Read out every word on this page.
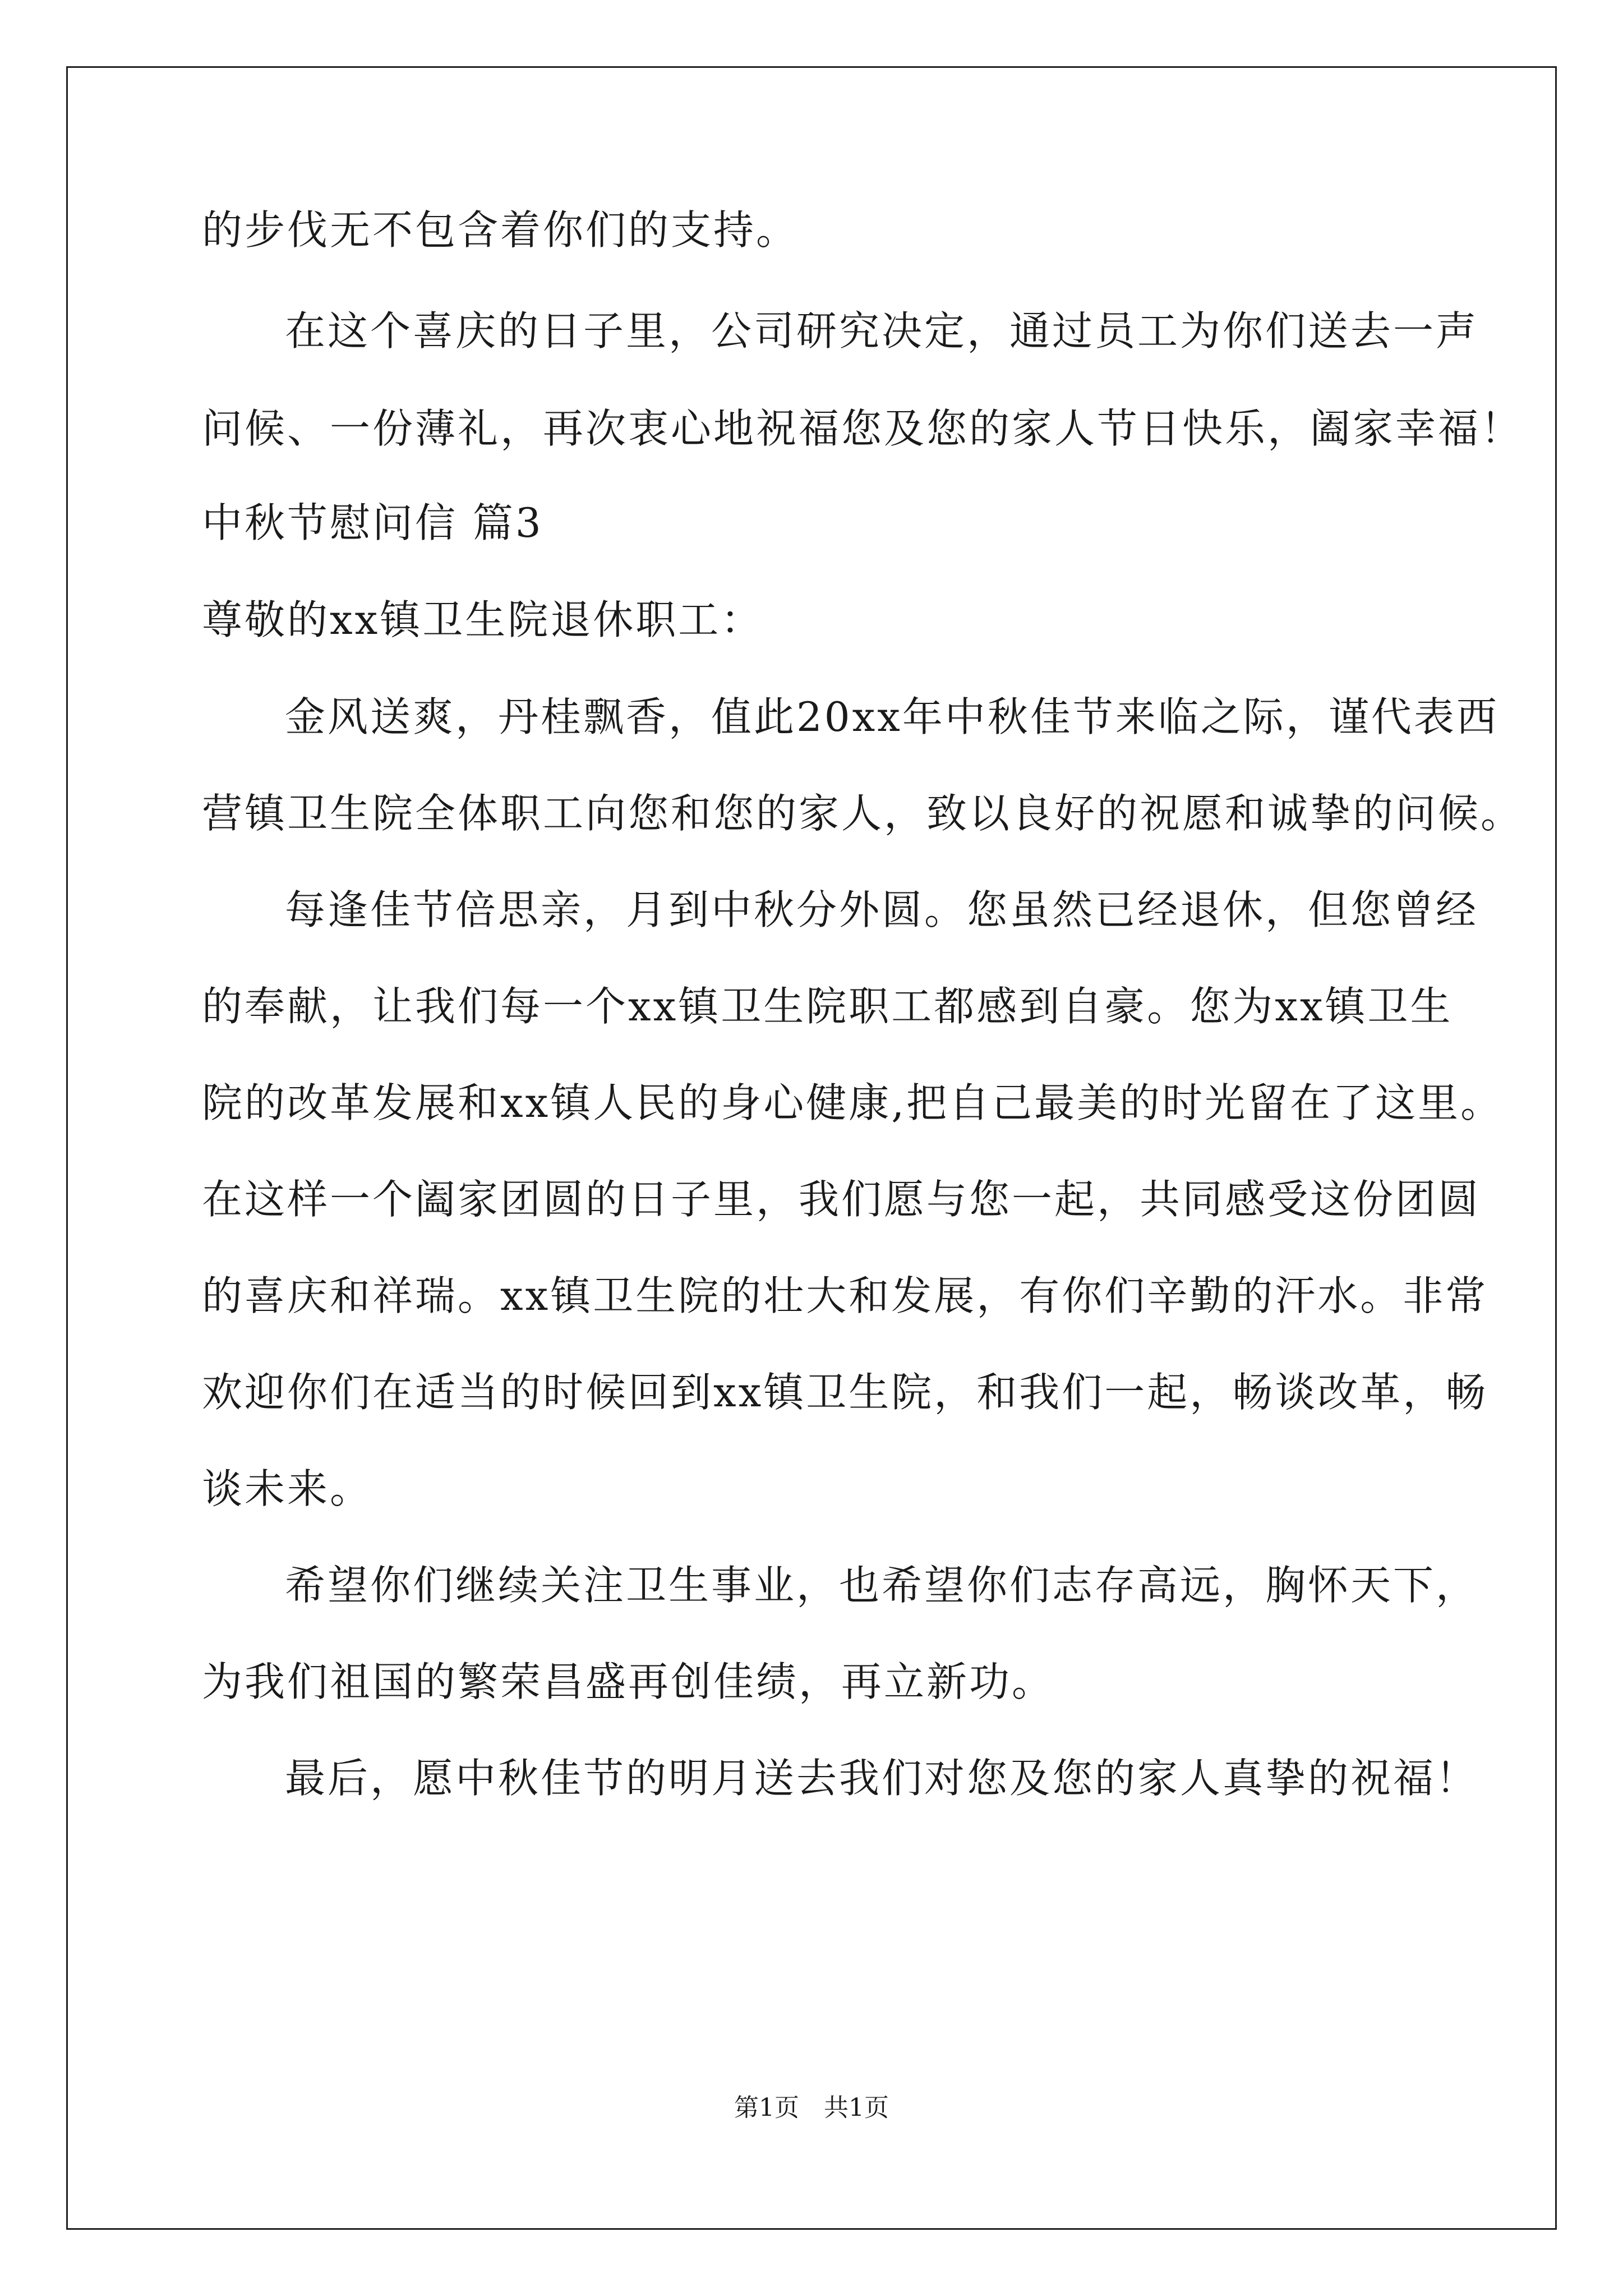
的步伐无不包含着你们的支持。
在这个喜庆的日子里，公司研究决定，通过员工为你们送去一声
问候、一份薄礼，再次衷心地祝福您及您的家人节日快乐，阖家幸福！
中秋节慰问信 篇3
尊敬的xx镇卫生院退休职工：
金风送爽，丹桂飘香，值此20xx年中秋佳节来临之际，谨代表西
营镇卫生院全体职工向您和您的家人，致以良好的祝愿和诚挚的问候。
每逢佳节倍思亲，月到中秋分外圆。您虽然已经退休，但您曾经
的奉献，让我们每一个xx镇卫生院职工都感到自豪。您为xx镇卫生
院的改革发展和xx镇人民的身心健康,把自己最美的时光留在了这里。
在这样一个阖家团圆的日子里，我们愿与您一起，共同感受这份团圆
的喜庆和祥瑞。xx镇卫生院的壮大和发展，有你们辛勤的汗水。非常
欢迎你们在适当的时候回到xx镇卫生院，和我们一起，畅谈改革，畅
谈未来。
希望你们继续关注卫生事业，也希望你们志存高远，胸怀天下，
为我们祖国的繁荣昌盛再创佳绩，再立新功。
最后，愿中秋佳节的明月送去我们对您及您的家人真挚的祝福！
第1页　共1页
